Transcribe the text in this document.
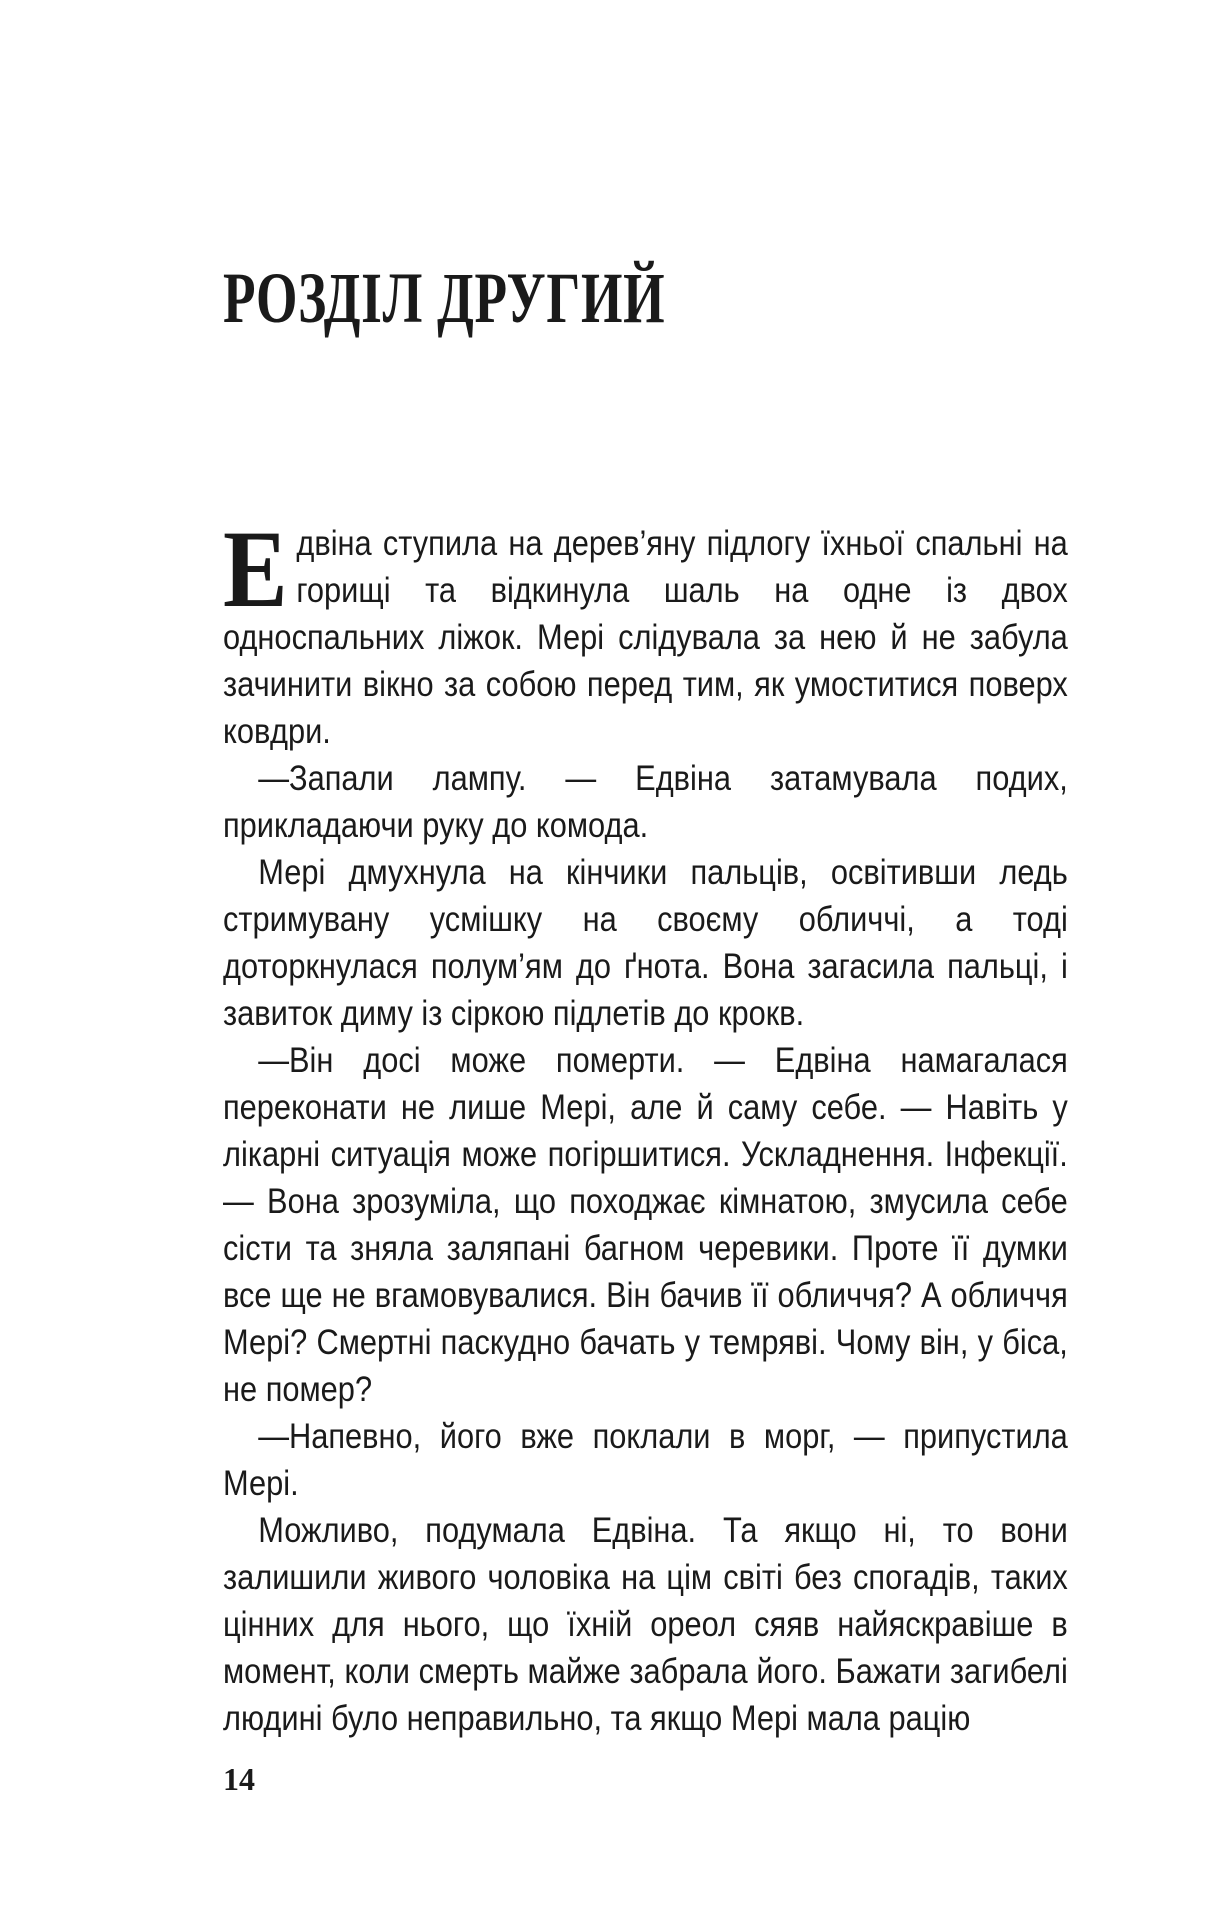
РОЗДІЛ ДРУГИЙ

Едвіна ступила на дерев’яну підлогу їхньої спальні на горищі та відкинула шаль на одне із двох односпальних ліжок. Мері слідувала за нею й не забула зачинити вікно за собою перед тим, як умоститися поверх ковдри.

—Запали лампу. — Едвіна затамувала подих, прикладаючи руку до комода.

Мері дмухнула на кінчики пальців, освітивши ледь стримувану усмішку на своєму обличчі, а тоді доторкнулася полум’ям до ґнота. Вона загасила пальці, і завиток диму із сіркою підлетів до крокв.

—Він досі може померти. — Едвіна намагалася переконати не лише Мері, але й саму себе. — Навіть у лікарні ситуація може погіршитися. Ускладнення. Інфекції. — Вона зрозуміла, що походжає кімнатою, змусила себе сісти та зняла заляпані багном черевики. Проте її думки все ще не вгамовувалися. Він бачив її обличчя? А обличчя Мері? Смертні паскудно бачать у темряві. Чому він, у біса, не помер?

—Напевно, його вже поклали в морг, — припустила Мері.

Можливо, подумала Едвіна. Та якщо ні, то вони залишили живого чоловіка на цім світі без спогадів, таких цінних для нього, що їхній ореол сяяв найяскравіше в момент, коли смерть майже забрала його. Бажати загибелі людині було неправильно, та якщо Мері мала рацію

14
